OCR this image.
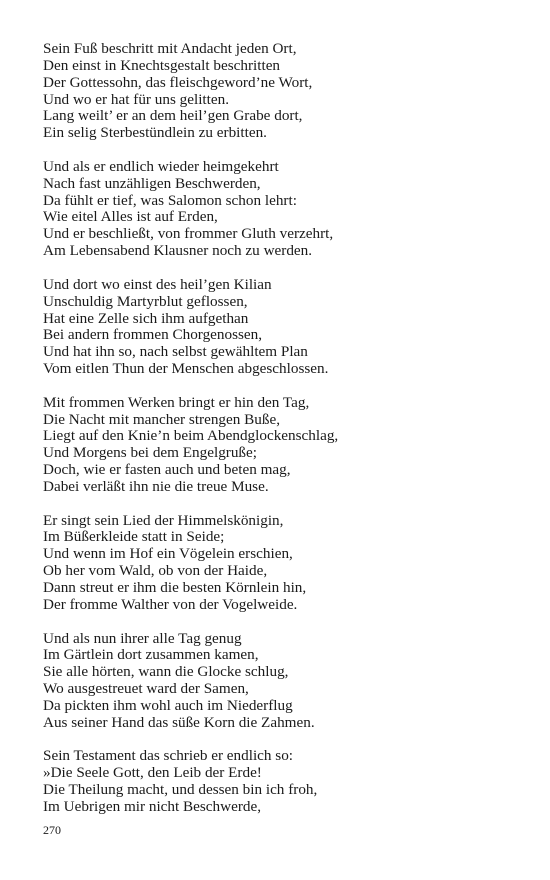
Sein Fuß beschritt mit Andacht jeden Ort,
Den einst in Knechtsgestalt beschritten
Der Gottessohn, das fleischgeword’ne Wort,
Und wo er hat für uns gelitten.
Lang weilt’ er an dem heil’gen Grabe dort,
Ein selig Sterbestündlein zu erbitten.
Und als er endlich wieder heimgekehrt
Nach fast unzähligen Beschwerden,
Da fühlt er tief, was Salomon schon lehrt:
Wie eitel Alles ist auf Erden,
Und er beschließt, von frommer Gluth verzehrt,
Am Lebensabend Klausner noch zu werden.
Und dort wo einst des heil’gen Kilian
Unschuldig Martyrblut geflossen,
Hat eine Zelle sich ihm aufgethan
Bei andern frommen Chorgenossen,
Und hat ihn so, nach selbst gewähltem Plan
Vom eitlen Thun der Menschen abgeschlossen.
Mit frommen Werken bringt er hin den Tag,
Die Nacht mit mancher strengen Buße,
Liegt auf den Knie’n beim Abendglockenschlag,
Und Morgens bei dem Engelgruße;
Doch, wie er fasten auch und beten mag,
Dabei verläßt ihn nie die treue Muse.
Er singt sein Lied der Himmelskönigin,
Im Büßerkleide statt in Seide;
Und wenn im Hof ein Vögelein erschien,
Ob her vom Wald, ob von der Haide,
Dann streut er ihm die besten Körnlein hin,
Der fromme Walther von der Vogelweide.
Und als nun ihrer alle Tag genug
Im Gärtlein dort zusammen kamen,
Sie alle hörten, wann die Glocke schlug,
Wo ausgestreuet ward der Samen,
Da pickten ihm wohl auch im Niederflug
Aus seiner Hand das süße Korn die Zahmen.
Sein Testament das schrieb er endlich so:
»Die Seele Gott, den Leib der Erde!
Die Theilung macht, und dessen bin ich froh,
Im Uebrigen mir nicht Beschwerde,
270
